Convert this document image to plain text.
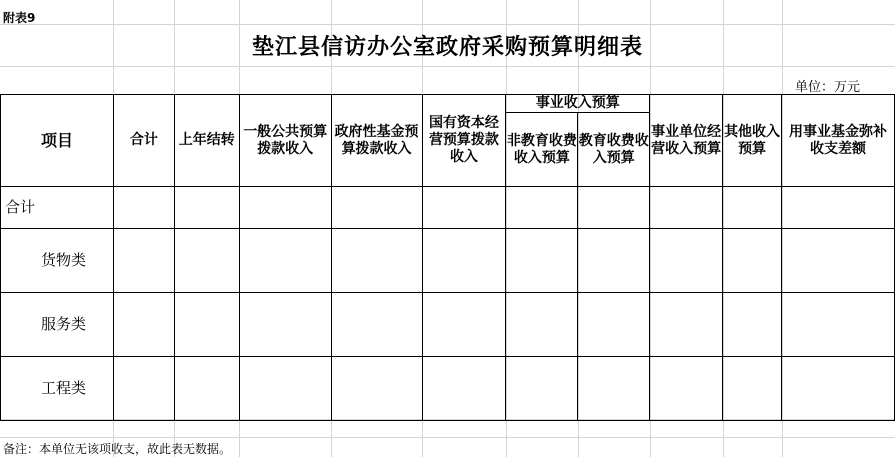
附表9
垫江县信访办公室政府采购预算明细表
单位：万元
项目	合计	上年结转	一般公共预算拨款收入	政府性基金预算拨款收入	国有资本经营预算拨款收入	事业收入预算		事业单位经营收入预算	其他收入预算	用事业基金弥补收支差额
						非教育收费收入预算	教育收费收入预算			
合计										
货物类										
服务类										
工程类										
备注：本单位无该项收支，故此表无数据。
